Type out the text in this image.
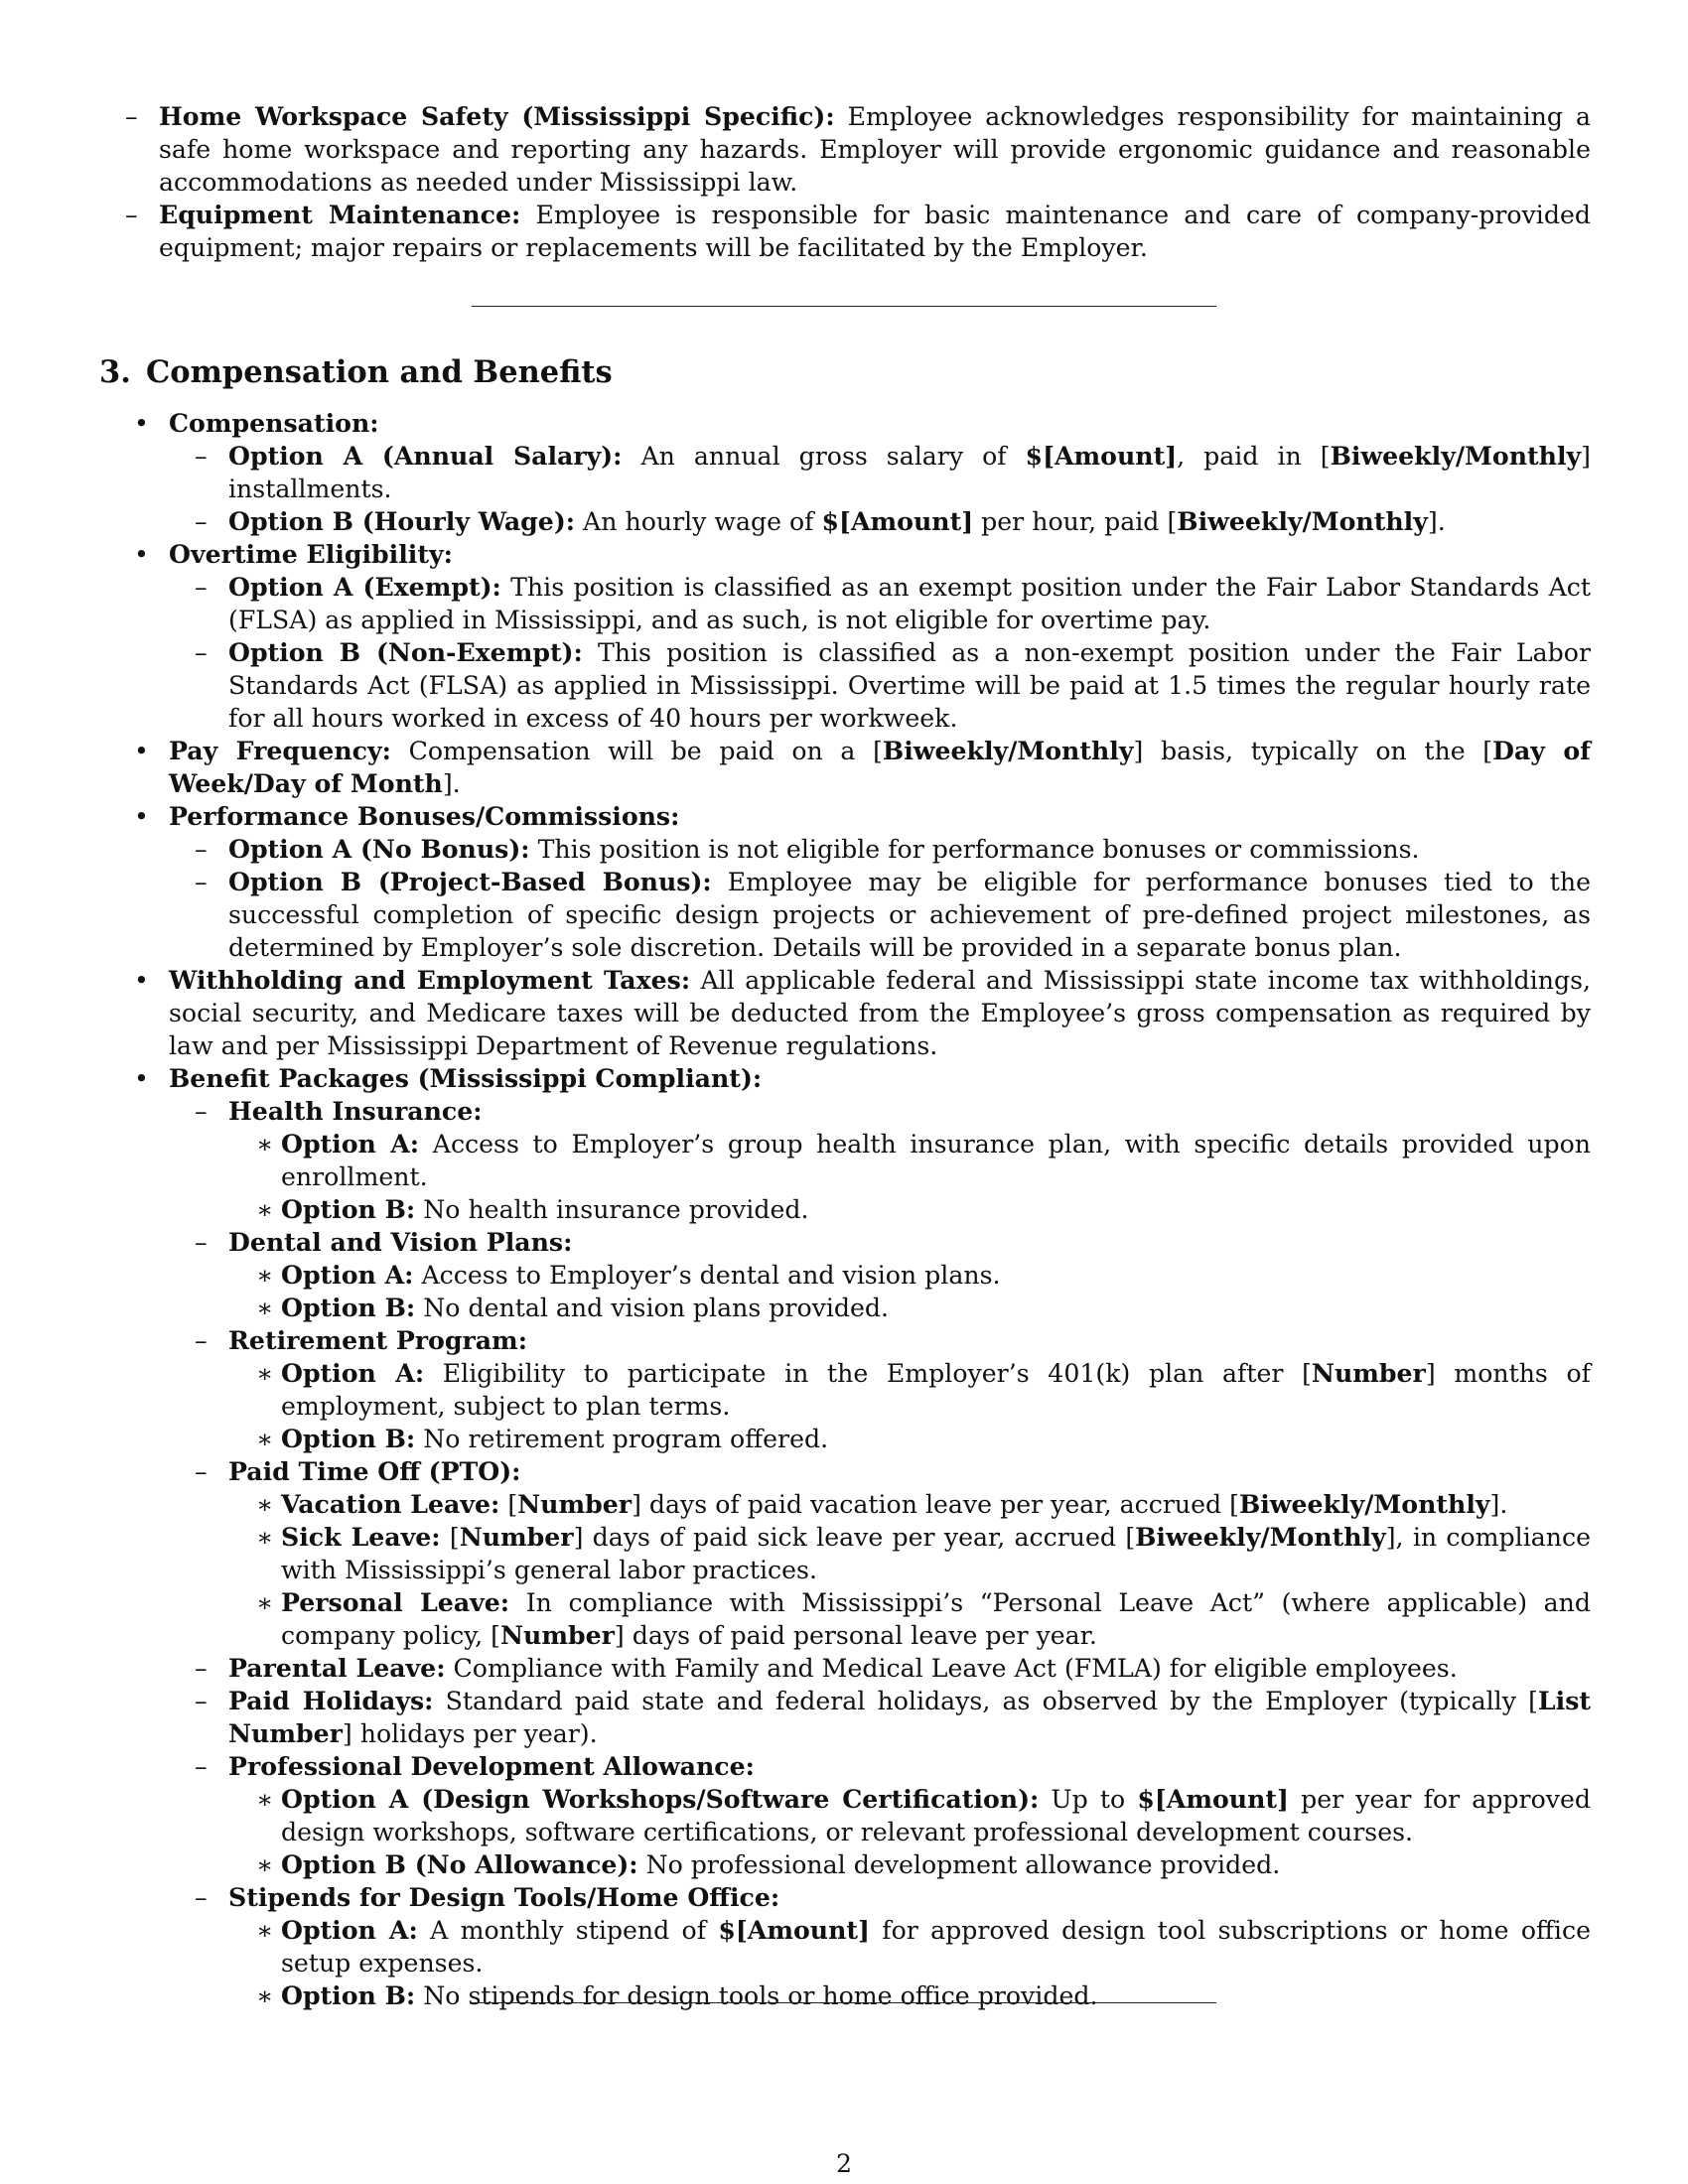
– Home Workspace Safety (Mississippi Specific): Employee acknowledges responsibility for maintaining a safe home workspace and reporting any hazards. Employer will provide ergonomic guidance and reasonable accommodations as needed under Mississippi law.
– Equipment Maintenance: Employee is responsible for basic maintenance and care of company-provided equipment; major repairs or replacements will be facilitated by the Employer.
3. Compensation and Benefits
• Compensation:
– Option A (Annual Salary): An annual gross salary of $[Amount], paid in [Biweekly/Monthly] installments.
– Option B (Hourly Wage): An hourly wage of $[Amount] per hour, paid [Biweekly/Monthly].
• Overtime Eligibility:
– Option A (Exempt): This position is classified as an exempt position under the Fair Labor Standards Act (FLSA) as applied in Mississippi, and as such, is not eligible for overtime pay.
– Option B (Non-Exempt): This position is classified as a non-exempt position under the Fair Labor Standards Act (FLSA) as applied in Mississippi. Overtime will be paid at 1.5 times the regular hourly rate for all hours worked in excess of 40 hours per workweek.
• Pay Frequency: Compensation will be paid on a [Biweekly/Monthly] basis, typically on the [Day of Week/Day of Month].
• Performance Bonuses/Commissions:
– Option A (No Bonus): This position is not eligible for performance bonuses or commissions.
– Option B (Project-Based Bonus): Employee may be eligible for performance bonuses tied to the successful completion of specific design projects or achievement of pre-defined project milestones, as determined by Employer’s sole discretion. Details will be provided in a separate bonus plan.
• Withholding and Employment Taxes: All applicable federal and Mississippi state income tax withholdings, social security, and Medicare taxes will be deducted from the Employee’s gross compensation as required by law and per Mississippi Department of Revenue regulations.
• Benefit Packages (Mississippi Compliant):
– Health Insurance:
∗ Option A: Access to Employer’s group health insurance plan, with specific details provided upon enrollment.
∗ Option B: No health insurance provided.
– Dental and Vision Plans:
∗ Option A: Access to Employer’s dental and vision plans.
∗ Option B: No dental and vision plans provided.
– Retirement Program:
∗ Option A: Eligibility to participate in the Employer’s 401(k) plan after [Number] months of employment, subject to plan terms.
∗ Option B: No retirement program offered.
– Paid Time Off (PTO):
∗ Vacation Leave: [Number] days of paid vacation leave per year, accrued [Biweekly/Monthly].
∗ Sick Leave: [Number] days of paid sick leave per year, accrued [Biweekly/Monthly], in compliance with Mississippi’s general labor practices.
∗ Personal Leave: In compliance with Mississippi’s “Personal Leave Act” (where applicable) and company policy, [Number] days of paid personal leave per year.
– Parental Leave: Compliance with Family and Medical Leave Act (FMLA) for eligible employees.
– Paid Holidays: Standard paid state and federal holidays, as observed by the Employer (typically [List Number] holidays per year).
– Professional Development Allowance:
∗ Option A (Design Workshops/Software Certification): Up to $[Amount] per year for approved design workshops, software certifications, or relevant professional development courses.
∗ Option B (No Allowance): No professional development allowance provided.
– Stipends for Design Tools/Home Office:
∗ Option A: A monthly stipend of $[Amount] for approved design tool subscriptions or home office setup expenses.
∗ Option B: No stipends for design tools or home office provided.
2
